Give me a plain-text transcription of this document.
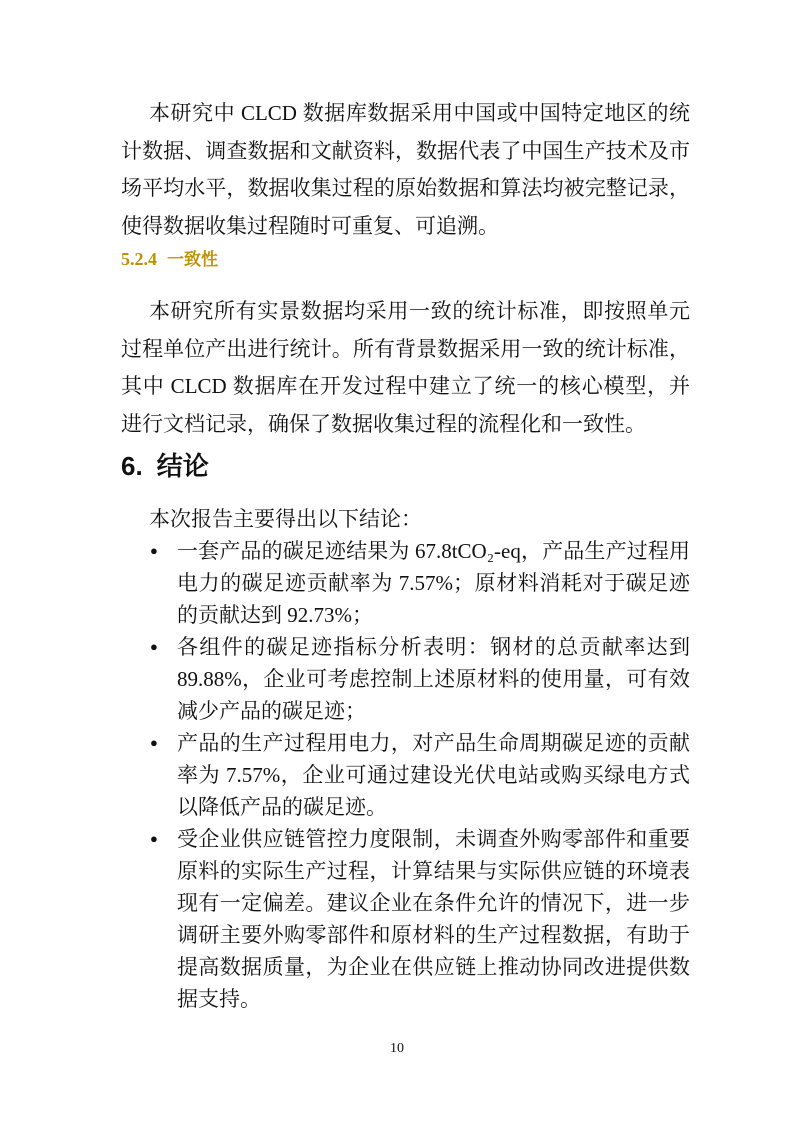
本研究中 CLCD 数据库数据采用中国或中国特定地区的统计数据、调查数据和文献资料，数据代表了中国生产技术及市场平均水平，数据收集过程的原始数据和算法均被完整记录，使得数据收集过程随时可重复、可追溯。

5.2.4 一致性

本研究所有实景数据均采用一致的统计标准，即按照单元过程单位产出进行统计。所有背景数据采用一致的统计标准，其中 CLCD 数据库在开发过程中建立了统一的核心模型，并进行文档记录，确保了数据收集过程的流程化和一致性。

6. 结论

本次报告主要得出以下结论：

● 一套产品的碳足迹结果为 67.8tCO₂-eq，产品生产过程用电力的碳足迹贡献率为 7.57%；原材料消耗对于碳足迹的贡献达到 92.73%；
● 各组件的碳足迹指标分析表明：钢材的总贡献率达到 89.88%，企业可考虑控制上述原材料的使用量，可有效减少产品的碳足迹；
● 产品的生产过程用电力，对产品生命周期碳足迹的贡献率为 7.57%，企业可通过建设光伏电站或购买绿电方式以降低产品的碳足迹。
● 受企业供应链管控力度限制，未调查外购零部件和重要原料的实际生产过程，计算结果与实际供应链的环境表现有一定偏差。建议企业在条件允许的情况下，进一步调研主要外购零部件和原材料的生产过程数据，有助于提高数据质量，为企业在供应链上推动协同改进提供数据支持。
10
